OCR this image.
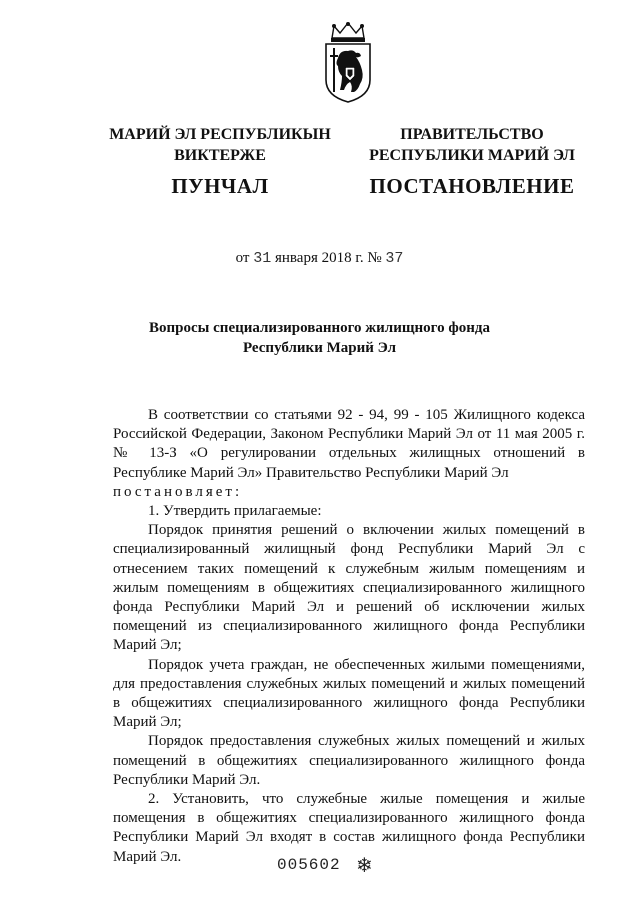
МАРИЙ ЭЛ РЕСПУБЛИКЫН
ВИКТЕРЖЕ
ПУНЧАЛ
ПРАВИТЕЛЬСТВО
РЕСПУБЛИКИ МАРИЙ ЭЛ
ПОСТАНОВЛЕНИЕ
от 31 января 2018 г. № 37
Вопросы специализированного жилищного фонда
Республики Марий Эл

В соответствии со статьями 92 - 94, 99 - 105 Жилищного кодекса Российской Федерации, Законом Республики Марий Эл от 11 мая 2005 г. № 13-З «О регулировании отдельных жилищных отношений в Республике Марий Эл» Правительство Республики Марий Эл

постановляет:

1. Утвердить прилагаемые:

Порядок принятия решений о включении жилых помещений в специализированный жилищный фонд Республики Марий Эл с отнесением таких помещений к служебным жилым помещениям и жилым помещениям в общежитиях специализированного жилищного фонда Республики Марий Эл и решений об исключении жилых помещений из специализированного жилищного фонда Республики Марий Эл;

Порядок учета граждан, не обеспеченных жилыми помещениями, для предоставления служебных жилых помещений и жилых помещений в общежитиях специализированного жилищного фонда Республики Марий Эл;

Порядок предоставления служебных жилых помещений и жилых помещений в общежитиях специализированного жилищного фонда Республики Марий Эл.

2. Установить, что служебные жилые помещения и жилые помещения в общежитиях специализированного жилищного фонда Республики Марий Эл входят в состав жилищного фонда Республики Марий Эл.	005602 ❄
